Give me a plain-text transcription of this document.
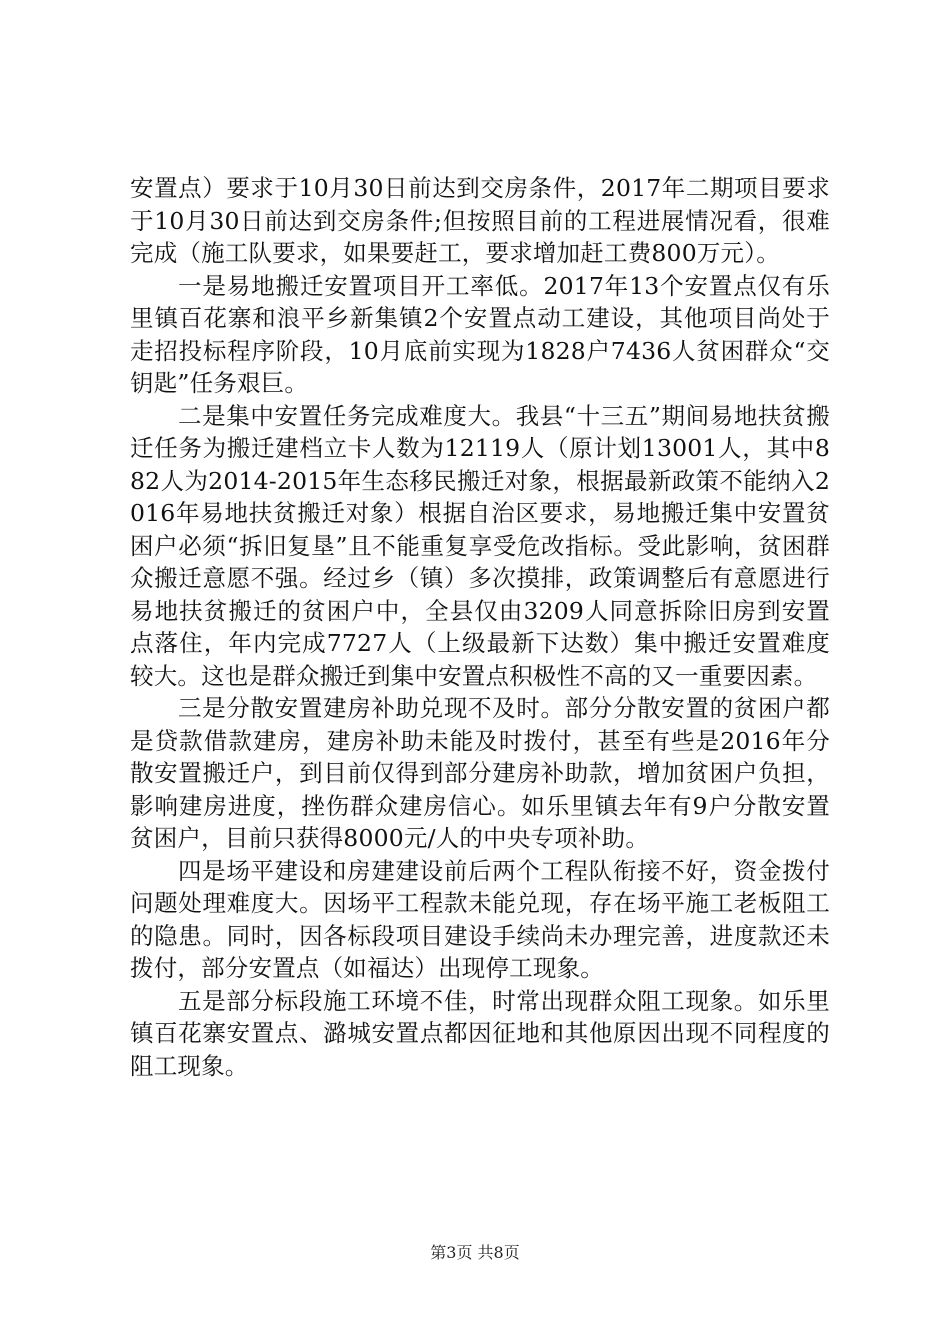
安置点）要求于10月30日前达到交房条件，2017年二期项目要求于10月30日前达到交房条件;但按照目前的工程进展情况看，很难完成（施工队要求，如果要赶工，要求增加赶工费800万元）。

一是易地搬迁安置项目开工率低。2017年13个安置点仅有乐里镇百花寨和浪平乡新集镇2个安置点动工建设，其他项目尚处于走招投标程序阶段，10月底前实现为1828户7436人贫困群众“交钥匙”任务艰巨。

二是集中安置任务完成难度大。我县“十三五”期间易地扶贫搬迁任务为搬迁建档立卡人数为12119人（原计划13001人，其中882人为2014-2015年生态移民搬迁对象，根据最新政策不能纳入2016年易地扶贫搬迁对象）根据自治区要求，易地搬迁集中安置贫困户必须“拆旧复垦”且不能重复享受危改指标。受此影响，贫困群众搬迁意愿不强。经过乡（镇）多次摸排，政策调整后有意愿进行易地扶贫搬迁的贫困户中，全县仅由3209人同意拆除旧房到安置点落住，年内完成7727人（上级最新下达数）集中搬迁安置难度较大。这也是群众搬迁到集中安置点积极性不高的又一重要因素。

三是分散安置建房补助兑现不及时。部分分散安置的贫困户都是贷款借款建房，建房补助未能及时拨付，甚至有些是2016年分散安置搬迁户，到目前仅得到部分建房补助款，增加贫困户负担，影响建房进度，挫伤群众建房信心。如乐里镇去年有9户分散安置贫困户，目前只获得8000元/人的中央专项补助。

四是场平建设和房建建设前后两个工程队衔接不好，资金拨付问题处理难度大。因场平工程款未能兑现，存在场平施工老板阻工的隐患。同时，因各标段项目建设手续尚未办理完善，进度款还未拨付，部分安置点（如福达）出现停工现象。

五是部分标段施工环境不佳，时常出现群众阻工现象。如乐里镇百花寨安置点、潞城安置点都因征地和其他原因出现不同程度的阻工现象。

第3页 共8页
